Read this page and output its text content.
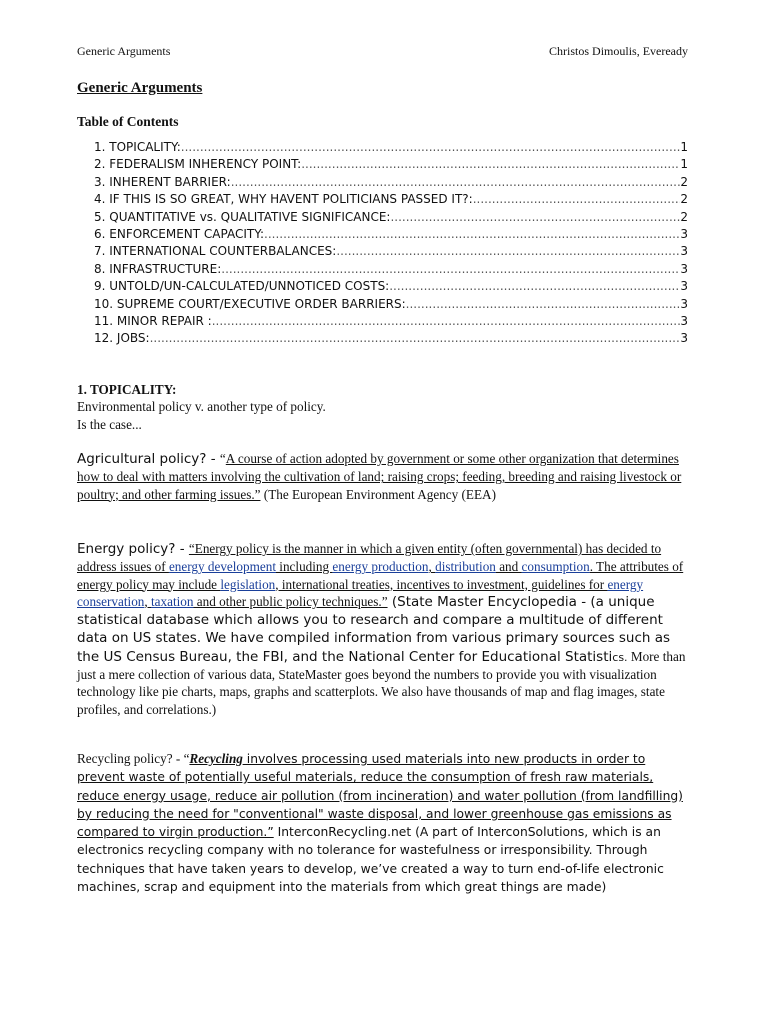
Generic Arguments	Christos Dimoulis, Eveready
Generic Arguments
Table of Contents
1. TOPICALITY: .....	1
2. FEDERALISM INHERENCY POINT: .....	1
3. INHERENT BARRIER: .....	2
4. IF THIS IS SO GREAT, WHY HAVENT POLITICIANS PASSED IT?: .....	2
5. QUANTITATIVE vs. QUALITATIVE SIGNIFICANCE: .....	2
6. ENFORCEMENT CAPACITY: .....	3
7. INTERNATIONAL COUNTERBALANCES: .....	3
8. INFRASTRUCTURE: .....	3
9. UNTOLD/UN-CALCULATED/UNNOTICED COSTS: .....	3
10. SUPREME COURT/EXECUTIVE ORDER BARRIERS: .....	3
11. MINOR REPAIR : .....	3
12. JOBS: .....	3
1. TOPICALITY:
Environmental policy v. another type of policy.
Is the case...
Agricultural policy? - “A course of action adopted by government or some other organization that determines how to deal with matters involving the cultivation of land; raising crops; feeding, breeding and raising livestock or poultry; and other farming issues.” (The European Environment Agency (EEA)
Energy policy? - “Energy policy is the manner in which a given entity (often governmental) has decided to address issues of energy development including energy production, distribution and consumption. The attributes of energy policy may include legislation, international treaties, incentives to investment, guidelines for energy conservation, taxation and other public policy techniques.” (State Master Encyclopedia - (a unique statistical database which allows you to research and compare a multitude of different data on US states. We have compiled information from various primary sources such as the US Census Bureau, the FBI, and the National Center for Educational Statistics. More than just a mere collection of various data, StateMaster goes beyond the numbers to provide you with visualization technology like pie charts, maps, graphs and scatterplots. We also have thousands of map and flag images, state profiles, and correlations.)
Recycling policy? - “Recycling involves processing used materials into new products in order to prevent waste of potentially useful materials, reduce the consumption of fresh raw materials, reduce energy usage, reduce air pollution (from incineration) and water pollution (from landfilling) by reducing the need for "conventional" waste disposal, and lower greenhouse gas emissions as compared to virgin production.” InterconRecycling.net (A part of InterconSolutions, which is an electronics recycling company with no tolerance for wastefulness or irresponsibility. Through techniques that have taken years to develop, we’ve created a way to turn end-of-life electronic machines, scrap and equipment into the materials from which great things are made)
